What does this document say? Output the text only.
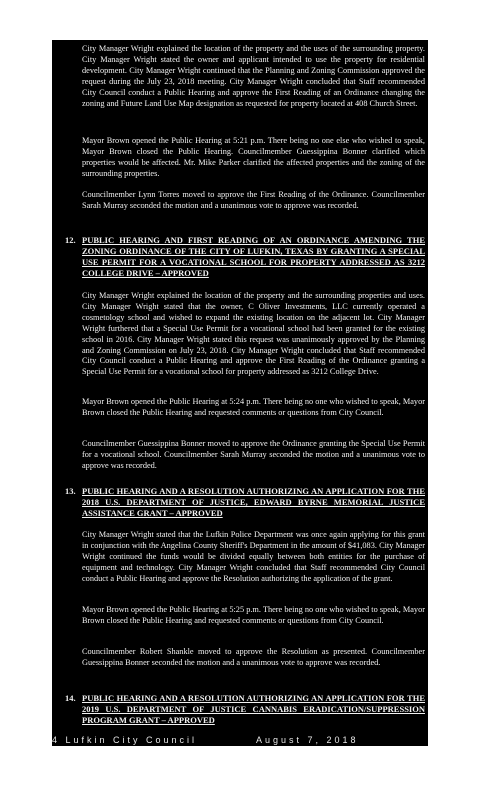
City Manager Wright explained the location of the property and the uses of the surrounding property. City Manager Wright stated the owner and applicant intended to use the property for residential development. City Manager Wright continued that the Planning and Zoning Commission approved the request during the July 23, 2018 meeting. City Manager Wright concluded that Staff recommended City Council conduct a Public Hearing and approve the First Reading of an Ordinance changing the zoning and Future Land Use Map designation as requested for property located at 408 Church Street.

Mayor Brown opened the Public Hearing at 5:21 p.m. There being no one else who wished to speak, Mayor Brown closed the Public Hearing. Councilmember Guessippina Bonner clarified which properties would be affected. Mr. Mike Parker clarified the affected properties and the zoning of the surrounding properties.

Councilmember Lynn Torres moved to approve the First Reading of the Ordinance. Councilmember Sarah Murray seconded the motion and a unanimous vote to approve was recorded.

12. PUBLIC HEARING AND FIRST READING OF AN ORDINANCE AMENDING THE ZONING ORDINANCE OF THE CITY OF LUFKIN, TEXAS BY GRANTING A SPECIAL USE PERMIT FOR A VOCATIONAL SCHOOL FOR PROPERTY ADDRESSED AS 3212 COLLEGE DRIVE – APPROVED

City Manager Wright explained the location of the property and the surrounding properties and uses. City Manager Wright stated that the owner, C Oliver Investments, LLC currently operated a cosmetology school and wished to expand the existing location on the adjacent lot. City Manager Wright furthered that a Special Use Permit for a vocational school had been granted for the existing school in 2016. City Manager Wright stated this request was unanimously approved by the Planning and Zoning Commission on July 23, 2018. City Manager Wright concluded that Staff recommended City Council conduct a Public Hearing and approve the First Reading of the Ordinance granting a Special Use Permit for a vocational school for property addressed as 3212 College Drive.

Mayor Brown opened the Public Hearing at 5:24 p.m. There being no one who wished to speak, Mayor Brown closed the Public Hearing and requested comments or questions from City Council.

Councilmember Guessippina Bonner moved to approve the Ordinance granting the Special Use Permit for a vocational school. Councilmember Sarah Murray seconded the motion and a unanimous vote to approve was recorded.

13. PUBLIC HEARING AND A RESOLUTION AUTHORIZING AN APPLICATION FOR THE 2018 U.S. DEPARTMENT OF JUSTICE, EDWARD BYRNE MEMORIAL JUSTICE ASSISTANCE GRANT – APPROVED

City Manager Wright stated that the Lufkin Police Department was once again applying for this grant in conjunction with the Angelina County Sheriff's Department in the amount of $41,083. City Manager Wright continued the funds would be divided equally between both entities for the purchase of equipment and technology. City Manager Wright concluded that Staff recommended City Council conduct a Public Hearing and approve the Resolution authorizing the application of the grant.

Mayor Brown opened the Public Hearing at 5:25 p.m. There being no one who wished to speak, Mayor Brown closed the Public Hearing and requested comments or questions from City Council.

Councilmember Robert Shankle moved to approve the Resolution as presented. Councilmember Guessippina Bonner seconded the motion and a unanimous vote to approve was recorded.

14. PUBLIC HEARING AND A RESOLUTION AUTHORIZING AN APPLICATION FOR THE 2019 U.S. DEPARTMENT OF JUSTICE CANNABIS ERADICATION/SUPPRESSION PROGRAM GRANT – APPROVED

4 Lufkin City Council	August 7, 2018
